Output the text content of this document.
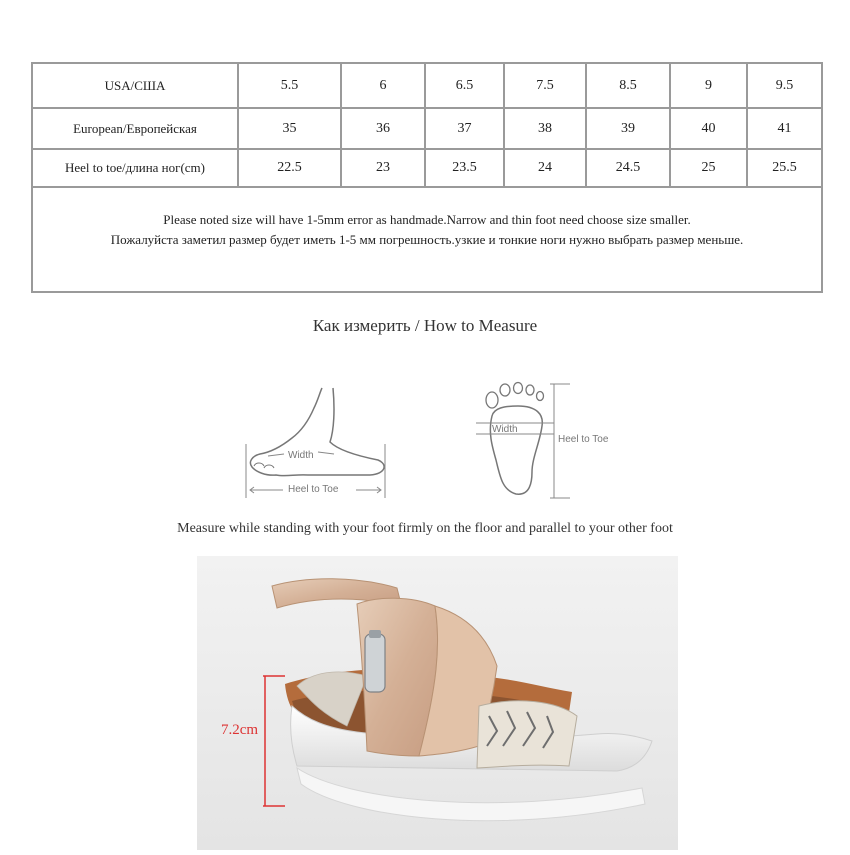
USA/США	5.5	6	6.5	7.5	8.5	9	9.5
European/Европейская	35	36	37	38	39	40	41
Heel to toe/длина ног(cm)	22.5	23	23.5	24	24.5	25	25.5
Please noted size will have 1-5mm error as handmade.Narrow and thin foot need choose size smaller.
Пожалуйста заметил размер будет иметь 1-5 мм погрешность.узкие и тонкие ноги нужно выбрать размер меньше.
Как измерить / How to Measure
Width
Heel to Toe
Width
Heel to Toe
Measure while standing with your foot firmly on the floor and parallel to your other foot
7.2cm
